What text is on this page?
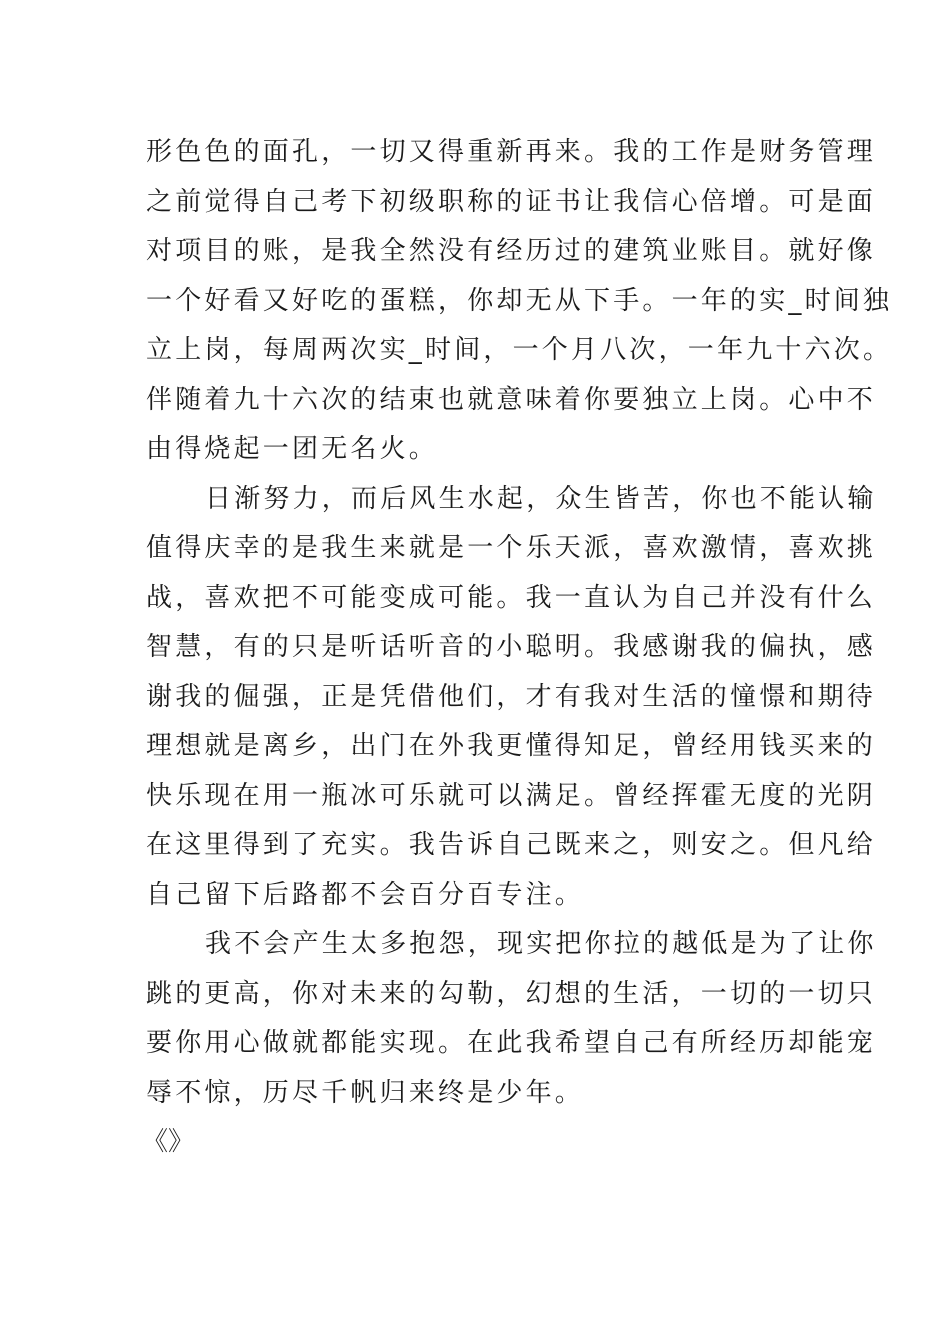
形色色的面孔，一切又得重新再来。我的工作是财务管理
之前觉得自己考下初级职称的证书让我信心倍增。可是面
对项目的账，是我全然没有经历过的建筑业账目。就好像
一个好看又好吃的蛋糕，你却无从下手。一年的实_时间独
立上岗，每周两次实_时间，一个月八次，一年九十六次。
伴随着九十六次的结束也就意味着你要独立上岗。心中不
由得烧起一团无名火。
日渐努力，而后风生水起，众生皆苦，你也不能认输
值得庆幸的是我生来就是一个乐天派，喜欢激情，喜欢挑
战，喜欢把不可能变成可能。我一直认为自己并没有什么
智慧，有的只是听话听音的小聪明。我感谢我的偏执，感
谢我的倔强，正是凭借他们，才有我对生活的憧憬和期待
理想就是离乡，出门在外我更懂得知足，曾经用钱买来的
快乐现在用一瓶冰可乐就可以满足。曾经挥霍无度的光阴
在这里得到了充实。我告诉自己既来之，则安之。但凡给
自己留下后路都不会百分百专注。
我不会产生太多抱怨，现实把你拉的越低是为了让你
跳的更高，你对未来的勾勒，幻想的生活，一切的一切只
要你用心做就都能实现。在此我希望自己有所经历却能宠
辱不惊，历尽千帆归来终是少年。
《》
